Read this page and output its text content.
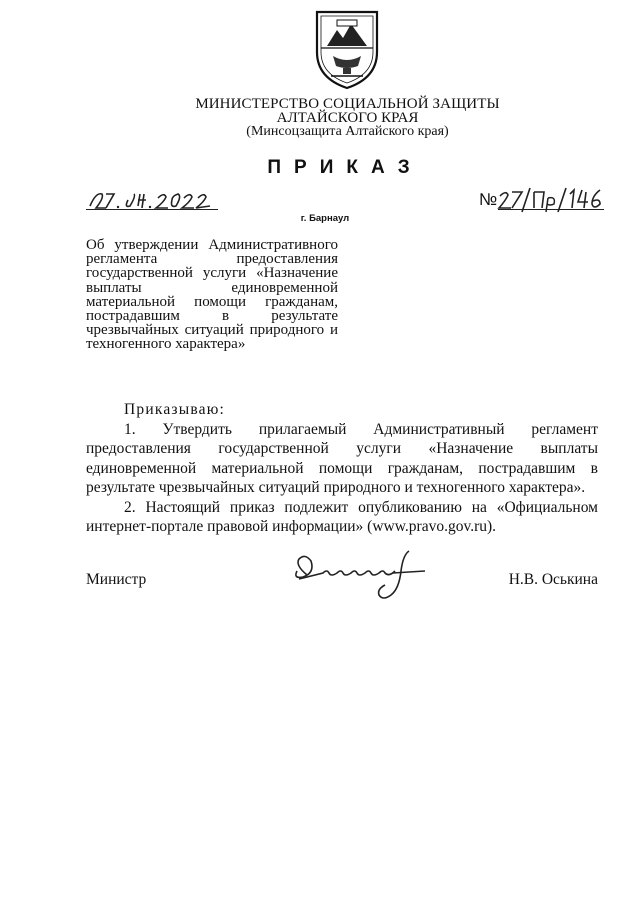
МИНИСТЕРСТВО СОЦИАЛЬНОЙ ЗАЩИТЫ
АЛТАЙСКОГО КРАЯ
(Минсоцзащита Алтайского края)
ПРИКАЗ
№
г. Барнаул
Об утверждении Административного регламента предоставления государственной услуги «Назначение выплаты единовременной материальной помощи гражданам, пострадавшим в результате чрезвычайных ситуаций природного и техногенного характера»
Приказываю:

1. Утвердить прилагаемый Административный регламент предоставления государственной услуги «Назначение выплаты единовременной материальной помощи гражданам, пострадавшим в результате чрезвычайных ситуаций природного и техногенного характера».

2. Настоящий приказ подлежит опубликованию на «Официальном интернет-портале правовой информации» (www.pravo.gov.ru).

Министр	Н.В. Оськина
